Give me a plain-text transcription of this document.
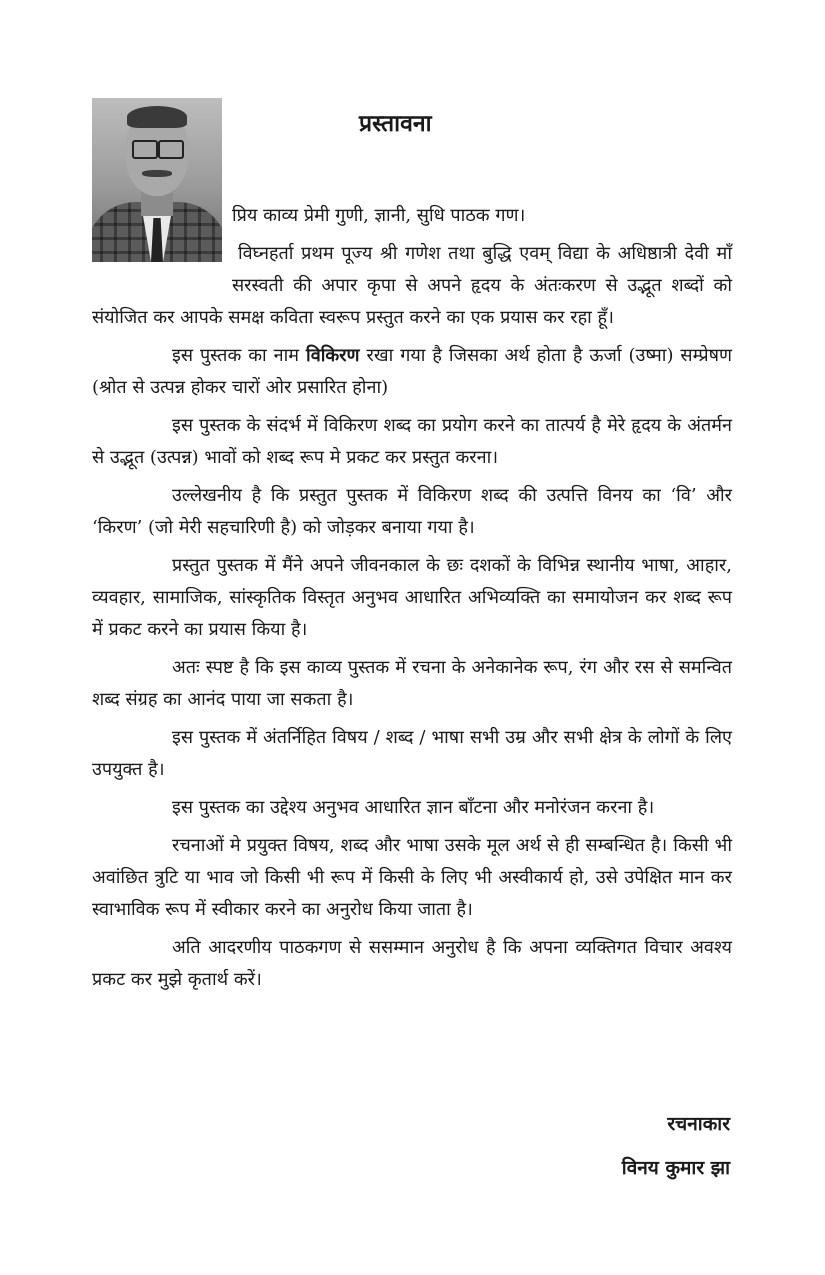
प्रस्तावना

प्रिय काव्य प्रेमी गुणी, ज्ञानी, सुधि पाठक गण।

विघ्नहर्ता प्रथम पूज्य श्री गणेश तथा बुद्धि एवम् विद्या के अधिष्ठात्री देवी माँ सरस्वती की अपार कृपा से अपने हृदय के अंतःकरण से उद्भूत शब्दों को संयोजित कर आपके समक्ष कविता स्वरूप प्रस्तुत करने का एक प्रयास कर रहा हूँ।

इस पुस्तक का नाम विकिरण रखा गया है जिसका अर्थ होता है ऊर्जा (उष्मा) सम्प्रेषण (श्रोत से उत्पन्न होकर चारों ओर प्रसारित होना)

इस पुस्तक के संदर्भ में विकिरण शब्द का प्रयोग करने का तात्पर्य है मेरे हृदय के अंतर्मन से उद्भूत (उत्पन्न) भावों को शब्द रूप मे प्रकट कर प्रस्तुत करना।

उल्लेखनीय है कि प्रस्तुत पुस्तक में विकिरण शब्द की उत्पत्ति विनय का ‘वि’ और ‘किरण’ (जो मेरी सहचारिणी है) को जोड़कर बनाया गया है।

प्रस्तुत पुस्तक में मैंने अपने जीवनकाल के छः दशकों के विभिन्न स्थानीय भाषा, आहार, व्यवहार, सामाजिक, सांस्कृतिक विस्तृत अनुभव आधारित अभिव्यक्ति का समायोजन कर शब्द रूप में प्रकट करने का प्रयास किया है।

अतः स्पष्ट है कि इस काव्य पुस्तक में रचना के अनेकानेक रूप, रंग और रस से समन्वित शब्द संग्रह का आनंद पाया जा सकता है।

इस पुस्तक में अंतर्निहित विषय / शब्द / भाषा सभी उम्र और सभी क्षेत्र के लोगों के लिए उपयुक्त है।

इस पुस्तक का उद्देश्य अनुभव आधारित ज्ञान बाँटना और मनोरंजन करना है।

रचनाओं मे प्रयुक्त विषय, शब्द और भाषा उसके मूल अर्थ से ही सम्बन्धित है। किसी भी अवांछित त्रुटि या भाव जो किसी भी रूप में किसी के लिए भी अस्वीकार्य हो, उसे उपेक्षित मान कर स्वाभाविक रूप में स्वीकार करने का अनुरोध किया जाता है।

अति आदरणीय पाठकगण से ससम्मान अनुरोध है कि अपना व्यक्तिगत विचार अवश्य प्रकट कर मुझे कृतार्थ करें।

रचनाकार
विनय कुमार झा
